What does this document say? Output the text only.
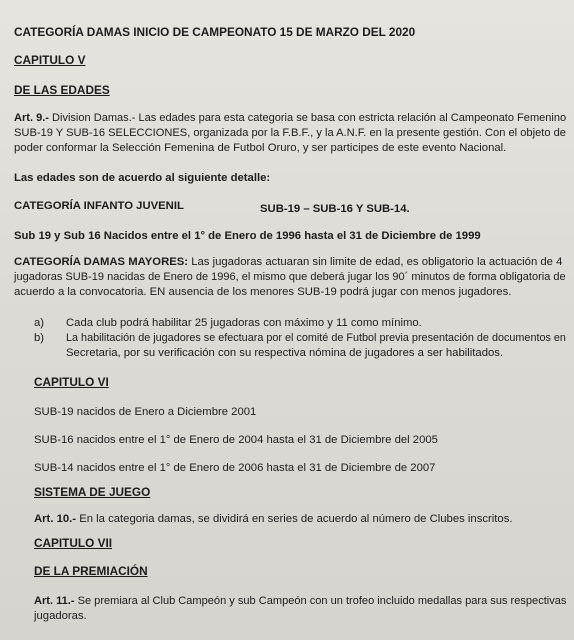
CATEGORÍA DAMAS INICIO DE CAMPEONATO 15 DE MARZO DEL 2020
CAPITULO V
DE LAS EDADES
Art. 9.- Division Damas.- Las edades para esta categoria se basa con estricta relación al Campeonato Femenino
SUB-19 Y SUB-16 SELECCIONES, organizada por la F.B.F., y la A.N.F. en la presente gestión. Con el objeto de
poder conformar la Selección Femenina de Futbol Oruro, y ser participes de este evento Nacional.
Las edades son de acuerdo al siguiente detalle:
CATEGORÍA INFANTO JUVENIL	SUB-19 – SUB-16 Y SUB-14.
Sub 19 y Sub 16 Nacidos entre el 1° de Enero de 1996 hasta el 31 de Diciembre de 1999
CATEGORÍA DAMAS MAYORES: Las jugadoras actuaran sin limite de edad, es obligatorio la actuación de 4
jugadoras SUB-19 nacidas de Enero de 1996, el mismo que deberá jugar los 90´ minutos de forma obligatoria de
acuerdo a la convocatoria. EN ausencia de los menores SUB-19 podrá jugar con menos jugadores.
a) Cada club podrá habilitar 25 jugadoras con máximo y 11 como mínimo.
b) La habilitación de jugadores se efectuara por el comité de Futbol previa presentación de documentos en
Secretaria, por su verificación con su respectiva nómina de jugadores a ser habilitados.
CAPITULO VI
SUB-19 nacidos de Enero a Diciembre 2001
SUB-16 nacidos entre el 1° de Enero de 2004 hasta el 31 de Diciembre del 2005
SUB-14 nacidos entre el 1° de Enero de 2006 hasta el 31 de Diciembre de 2007
SISTEMA DE JUEGO
Art. 10.- En la categoria damas, se dividirá en series de acuerdo al número de Clubes inscritos.
CAPITULO VII
DE LA PREMIACIÓN
Art. 11.- Se premiara al Club Campeón y sub Campeón con un trofeo incluido medallas para sus respectivas
jugadoras.
